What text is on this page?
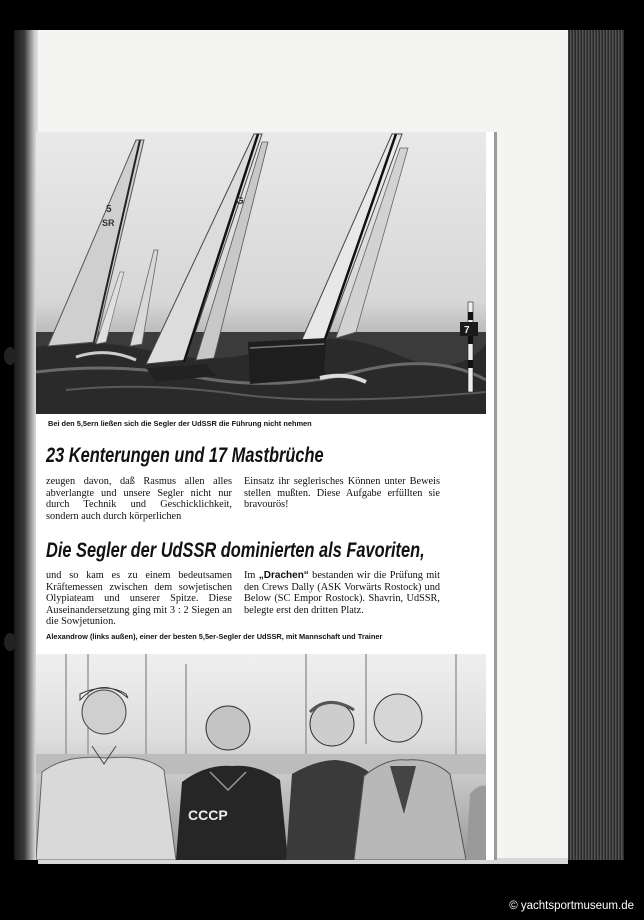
5
SR
G
7
Bei den 5,5ern ließen sich die Segler der UdSSR die Führung nicht nehmen
23 Kenterungen und 17 Mastbrüche

zeugen davon, daß Rasmus allen alles abverlangte und unsere Segler nicht nur durch Technik und Geschicklichkeit, sondern auch durch körperlichen

Einsatz ihr seglerisches Können unter Beweis stellen mußten. Diese Aufgabe erfüllten sie bravourös!

Die Segler der UdSSR dominierten als Favoriten,

und so kam es zu einem bedeutsamen Kräftemessen zwischen dem sowjetischen Olypiateam und unserer Spitze. Diese Auseinandersetzung ging mit 3 : 2 Siegen an die Sowjetunion.

Im „Drachen“ bestanden wir die Prüfung mit den Crews Dally (ASK Vorwärts Rostock) und Below (SC Empor Rostock). Shavrin, UdSSR, belegte erst den dritten Platz.

Alexandrow (links außen), einer der besten 5,5er-Segler der UdSSR, mit Mannschaft und Trainer
СССР
© yachtsportmuseum.de
